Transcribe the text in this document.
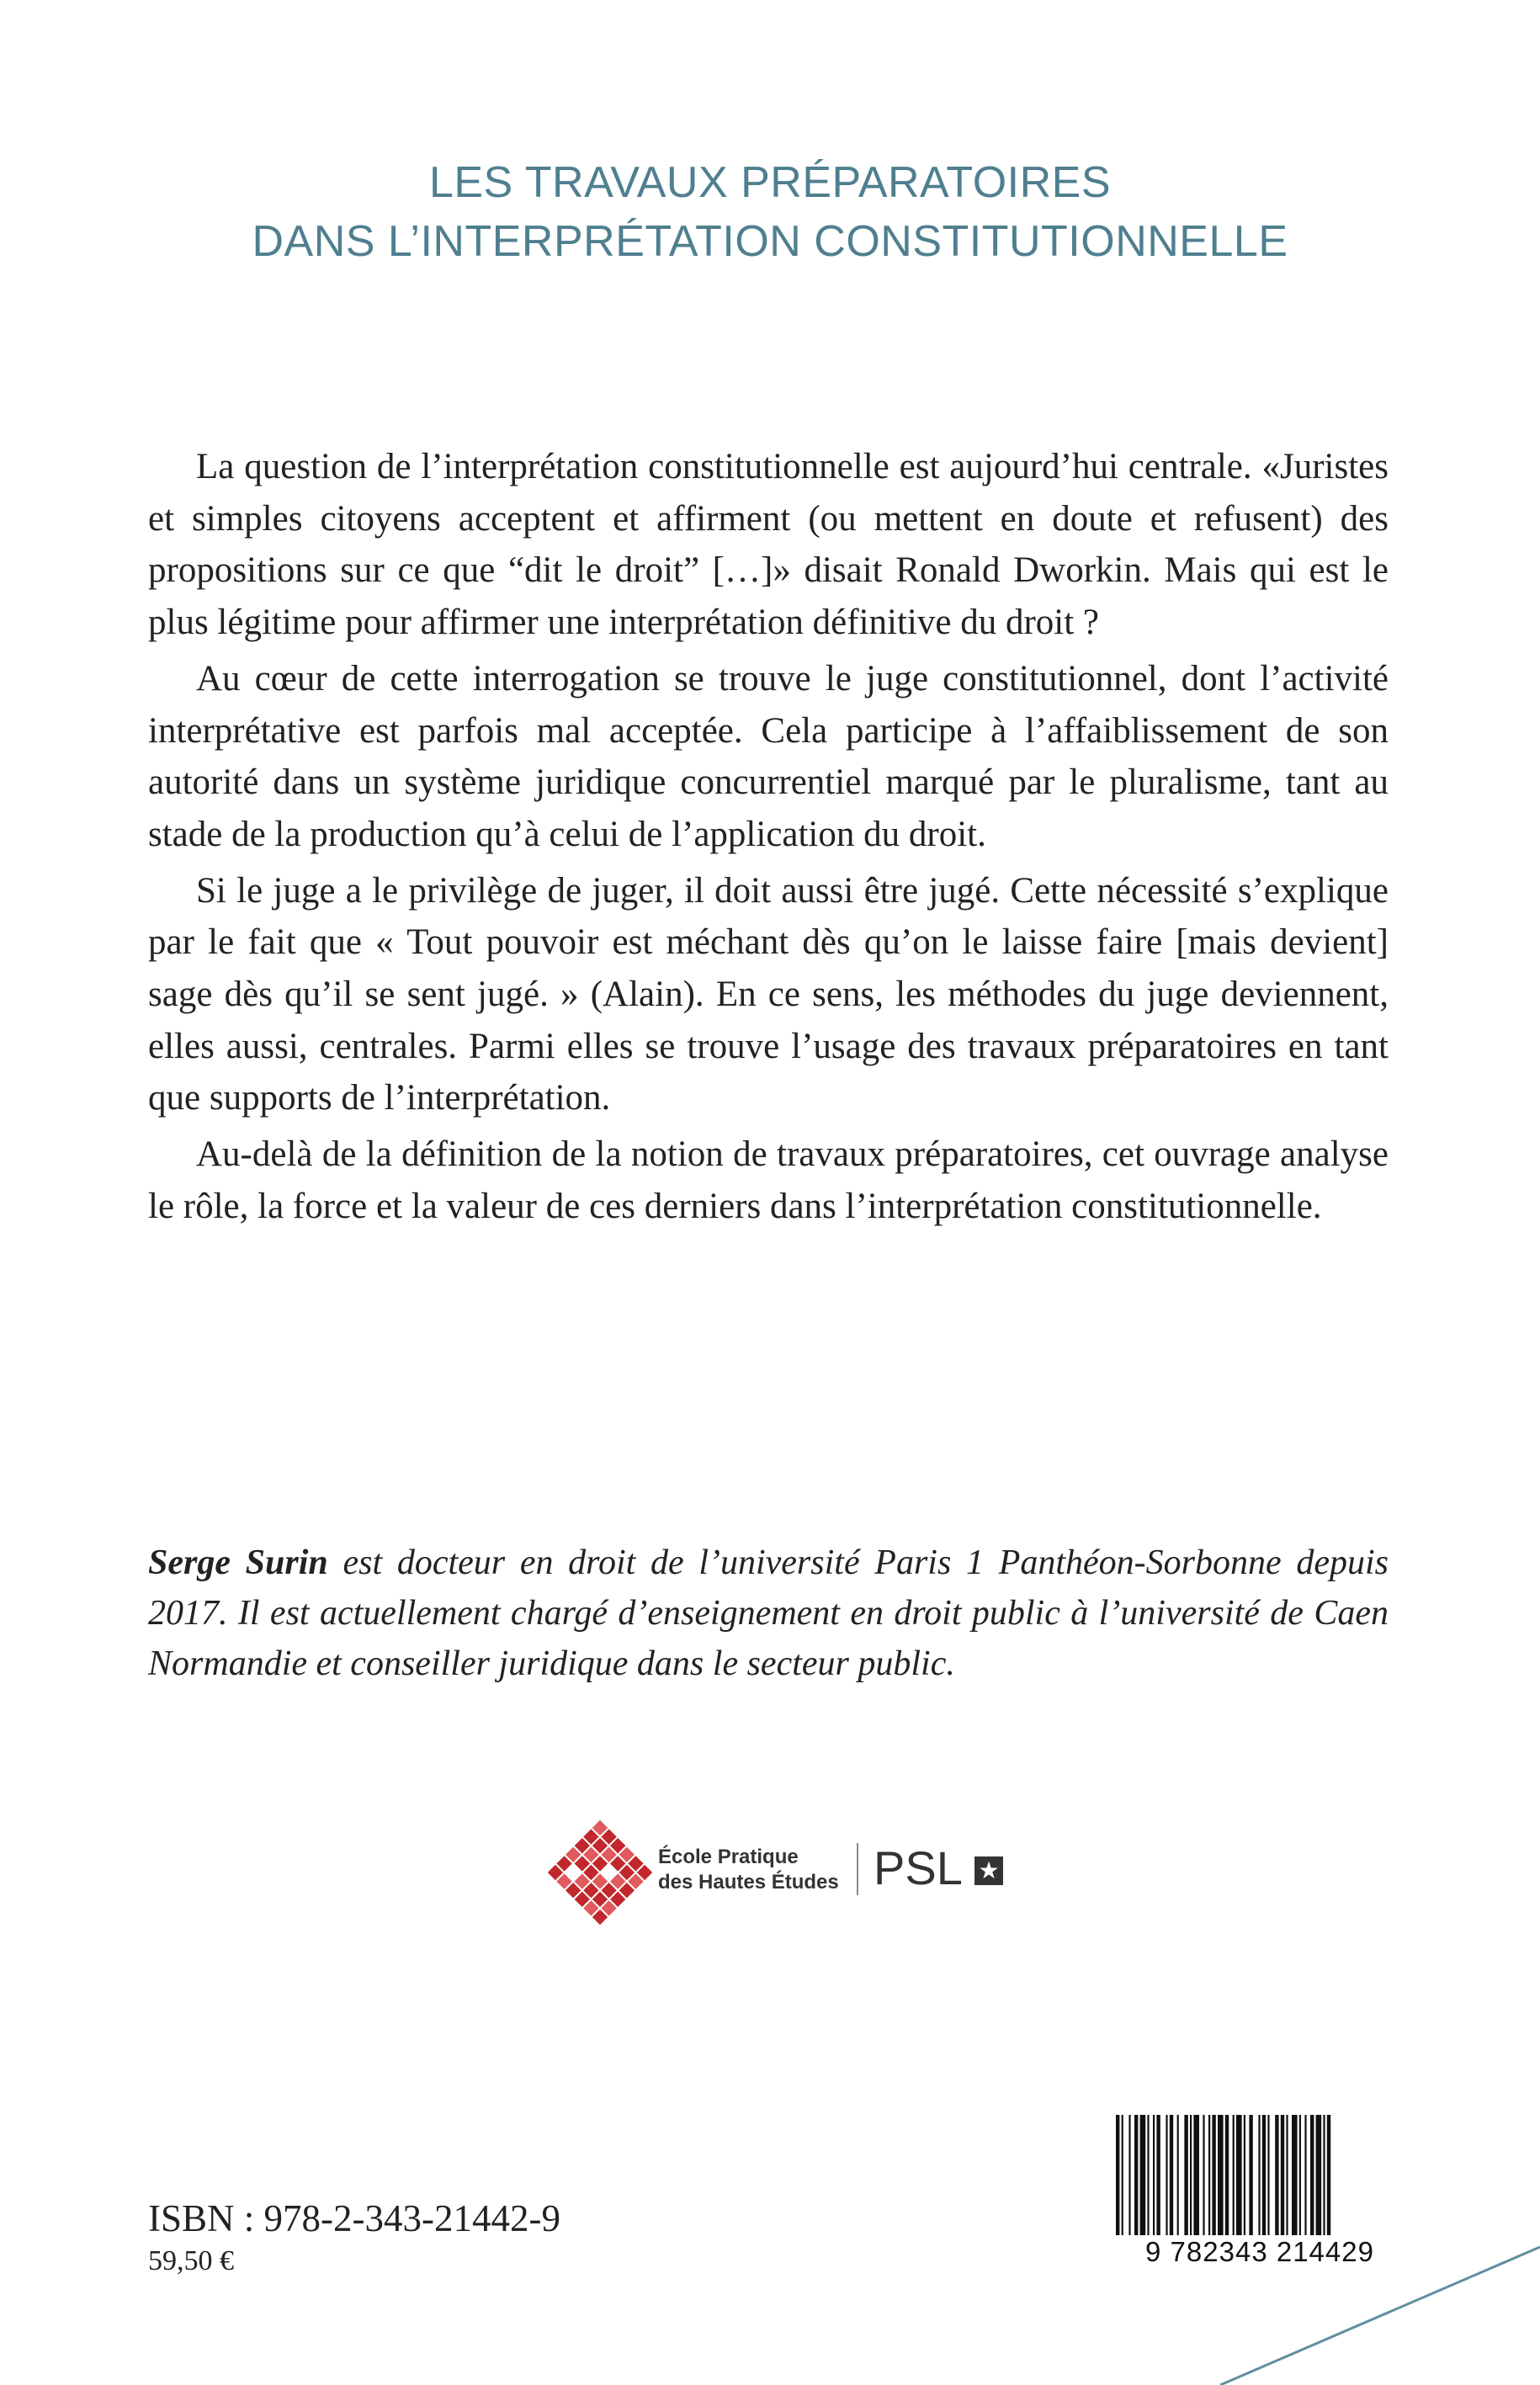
LES TRAVAUX PRÉPARATOIRES
DANS L’INTERPRÉTATION CONSTITUTIONNELLE

La question de l’interprétation constitutionnelle est aujourd’hui centrale. «Juristes et simples citoyens acceptent et affirment (ou mettent en doute et refusent) des propositions sur ce que “dit le droit” […]» disait Ronald Dworkin. Mais qui est le plus légitime pour affirmer une interprétation définitive du droit ?

Au cœur de cette interrogation se trouve le juge constitutionnel, dont l’activité interprétative est parfois mal acceptée. Cela participe à l’affaiblissement de son autorité dans un système juridique concurrentiel marqué par le pluralisme, tant au stade de la production qu’à celui de l’application du droit.

Si le juge a le privilège de juger, il doit aussi être jugé. Cette nécessité s’explique par le fait que « Tout pouvoir est méchant dès qu’on le laisse faire [mais devient] sage dès qu’il se sent jugé. » (Alain). En ce sens, les méthodes du juge deviennent, elles aussi, centrales. Parmi elles se trouve l’usage des travaux préparatoires en tant que supports de l’interprétation.

Au-delà de la définition de la notion de travaux préparatoires, cet ouvrage analyse le rôle, la force et la valeur de ces derniers dans l’interprétation constitutionnelle.

Serge Surin est docteur en droit de l’université Paris 1 Panthéon-Sorbonne depuis 2017. Il est actuellement chargé d’enseignement en droit public à l’université de Caen Normandie et conseiller juridique dans le secteur public.
École Pratique
des Hautes Études PSL ★
ISBN : 978-2-343-21442-9
59,50 €	9 782343 214429
